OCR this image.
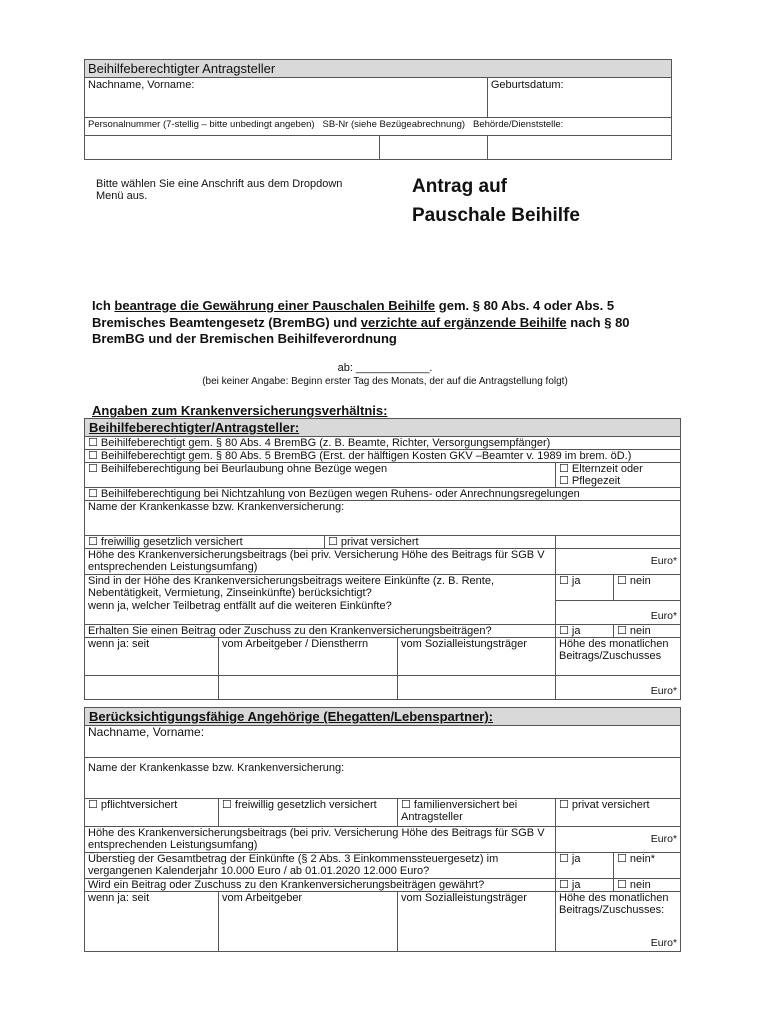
Beihilfeberechtigter Antragsteller		
Nachname, Vorname:		Geburtsdatum:
Personalnummer (7-stellig – bitte unbedingt angeben) SB-Nr (siehe Bezügeabrechnung) Behörde/Dienststelle:		

Bitte wählen Sie eine Anschrift aus dem Dropdown Menü aus.	Antrag auf
Pauschale Beihilfe
Ich beantrage die Gewährung einer Pauschalen Beihilfe gem. § 80 Abs. 4 oder Abs. 5 Bremisches Beamtengesetz (BremBG) und verzichte auf ergänzende Beihilfe nach § 80 BremBG und der Bremischen Beihilfeverordnung
ab: ____________.
(bei keiner Angabe: Beginn erster Tag des Monats, der auf die Antragstellung folgt)
Angaben zum Krankenversicherungsverhältnis:
Beihilfeberechtigter/Antragsteller:					
☐ Beihilfeberechtigt gem. § 80 Abs. 4 BremBG (z. B. Beamte, Richter, Versorgungsempfänger)					
☐ Beihilfeberechtigt gem. § 80 Abs. 5 BremBG (Erst. der hälftigen Kosten GKV –Beamter v. 1989 im brem. öD.)					
☐ Beihilfeberechtigung bei Beurlaubung ohne Bezüge wegen				☐ Elternzeit oder          ☐ Pflegezeit	
☐ Beihilfeberechtigung bei Nichtzahlung von Bezügen wegen Ruhens- oder Anrechnungsregelungen					
Name der Krankenkasse bzw. Krankenversicherung:					

☐ freiwillig gesetzlich versichert		☐ privat versichert			
Höhe des Krankenversicherungsbeitrags (bei priv. Versicherung Höhe des Beitrags für SGB V entsprechenden Leistungsumfang)				Euro*	
Sind in der Höhe des Krankenversicherungsbeitrags weitere Einkünfte (z. B. Rente, Nebentätigkeit, Vermietung, Zinseinkünfte) berücksichtigt?				☐ ja	☐ nein
wenn ja, welcher Teilbetrag entfällt auf die weiteren Einkünfte?				Euro*	
Erhalten Sie einen Beitrag oder Zuschuss zu den Krankenversicherungsbeiträgen?				☐ ja	☐ nein
wenn ja: seit	vom Arbeitgeber / Dienstherrn		vom Sozialleistungsträger	Höhe des monatlichen Beitrags/Zuschusses	
				Euro*	
Berücksichtigungsfähige Angehörige (Ehegatten/Lebenspartner):				
Nachname, Vorname:				
Name der Krankenkasse bzw. Krankenversicherung:				

☐ pflichtversichert	☐ freiwillig gesetzlich versichert	☐ familienversichert bei Antragsteller	☐ privat versichert	
Höhe des Krankenversicherungsbeitrags (bei priv. Versicherung Höhe des Beitrags für SGB V entsprechenden Leistungsumfang)			Euro*	
Überstieg der Gesamtbetrag der Einkünfte (§ 2 Abs. 3 Einkommenssteuergesetz) im vergangenen Kalenderjahr 10.000 Euro / ab 01.01.2020 12.000 Euro?			☐ ja	☐ nein*
Wird ein Beitrag oder Zuschuss zu den Krankenversicherungsbeiträgen gewährt?			☐ ja	☐ nein
wenn ja: seit	vom Arbeitgeber	vom Sozialleistungsträger	Höhe des monatlichen Beitrags/Zuschusses:	
			Euro*	
